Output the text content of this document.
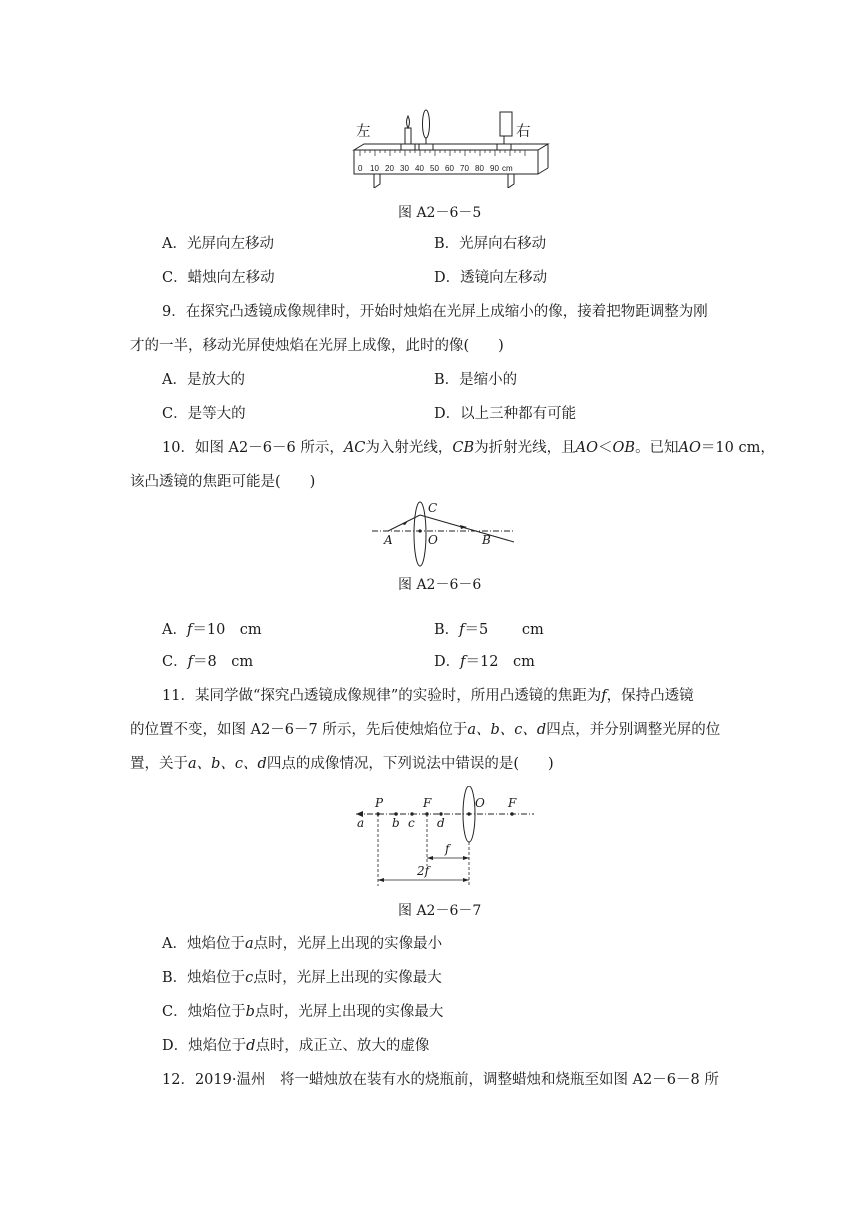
左	右
0 10 20 30 40 50 60 70 80 90 cm
图 A2－6－5
A．光屏向左移动	B．光屏向右移动
C．蜡烛向左移动	D．透镜向左移动
9．在探究凸透镜成像规律时，开始时烛焰在光屏上成缩小的像，接着把物距调整为刚
才的一半，移动光屏使烛焰在光屏上成像，此时的像(　　)
A．是放大的	B．是缩小的
C．是等大的	D．以上三种都有可能
10．如图 A2－6－6 所示，AC为入射光线，CB为折射光线，且AO＜OB。已知AO＝10 cm，
该凸透镜的焦距可能是(　　)
A	O	B
C
图 A2－6－6
A．f＝10　cm	B．f＝5　　 cm
C．f＝8　cm	D．f＝12　cm
11．某同学做“探究凸透镜成像规律”的实验时，所用凸透镜的焦距为f，保持凸透镜
的位置不变，如图 A2－6－7 所示，先后使烛焰位于a、b、c、d四点，并分别调整光屏的位
置，关于a、b、c、d四点的成像情况，下列说法中错误的是(　　)
P	F	O F
a b c d
f
2f
图 A2－6－7
A．烛焰位于a点时，光屏上出现的实像最小
B．烛焰位于c点时，光屏上出现的实像最大
C．烛焰位于b点时，光屏上出现的实像最大
D．烛焰位于d点时，成正立、放大的虚像
12．2019·温州　将一蜡烛放在装有水的烧瓶前，调整蜡烛和烧瓶至如图 A2－6－8 所
